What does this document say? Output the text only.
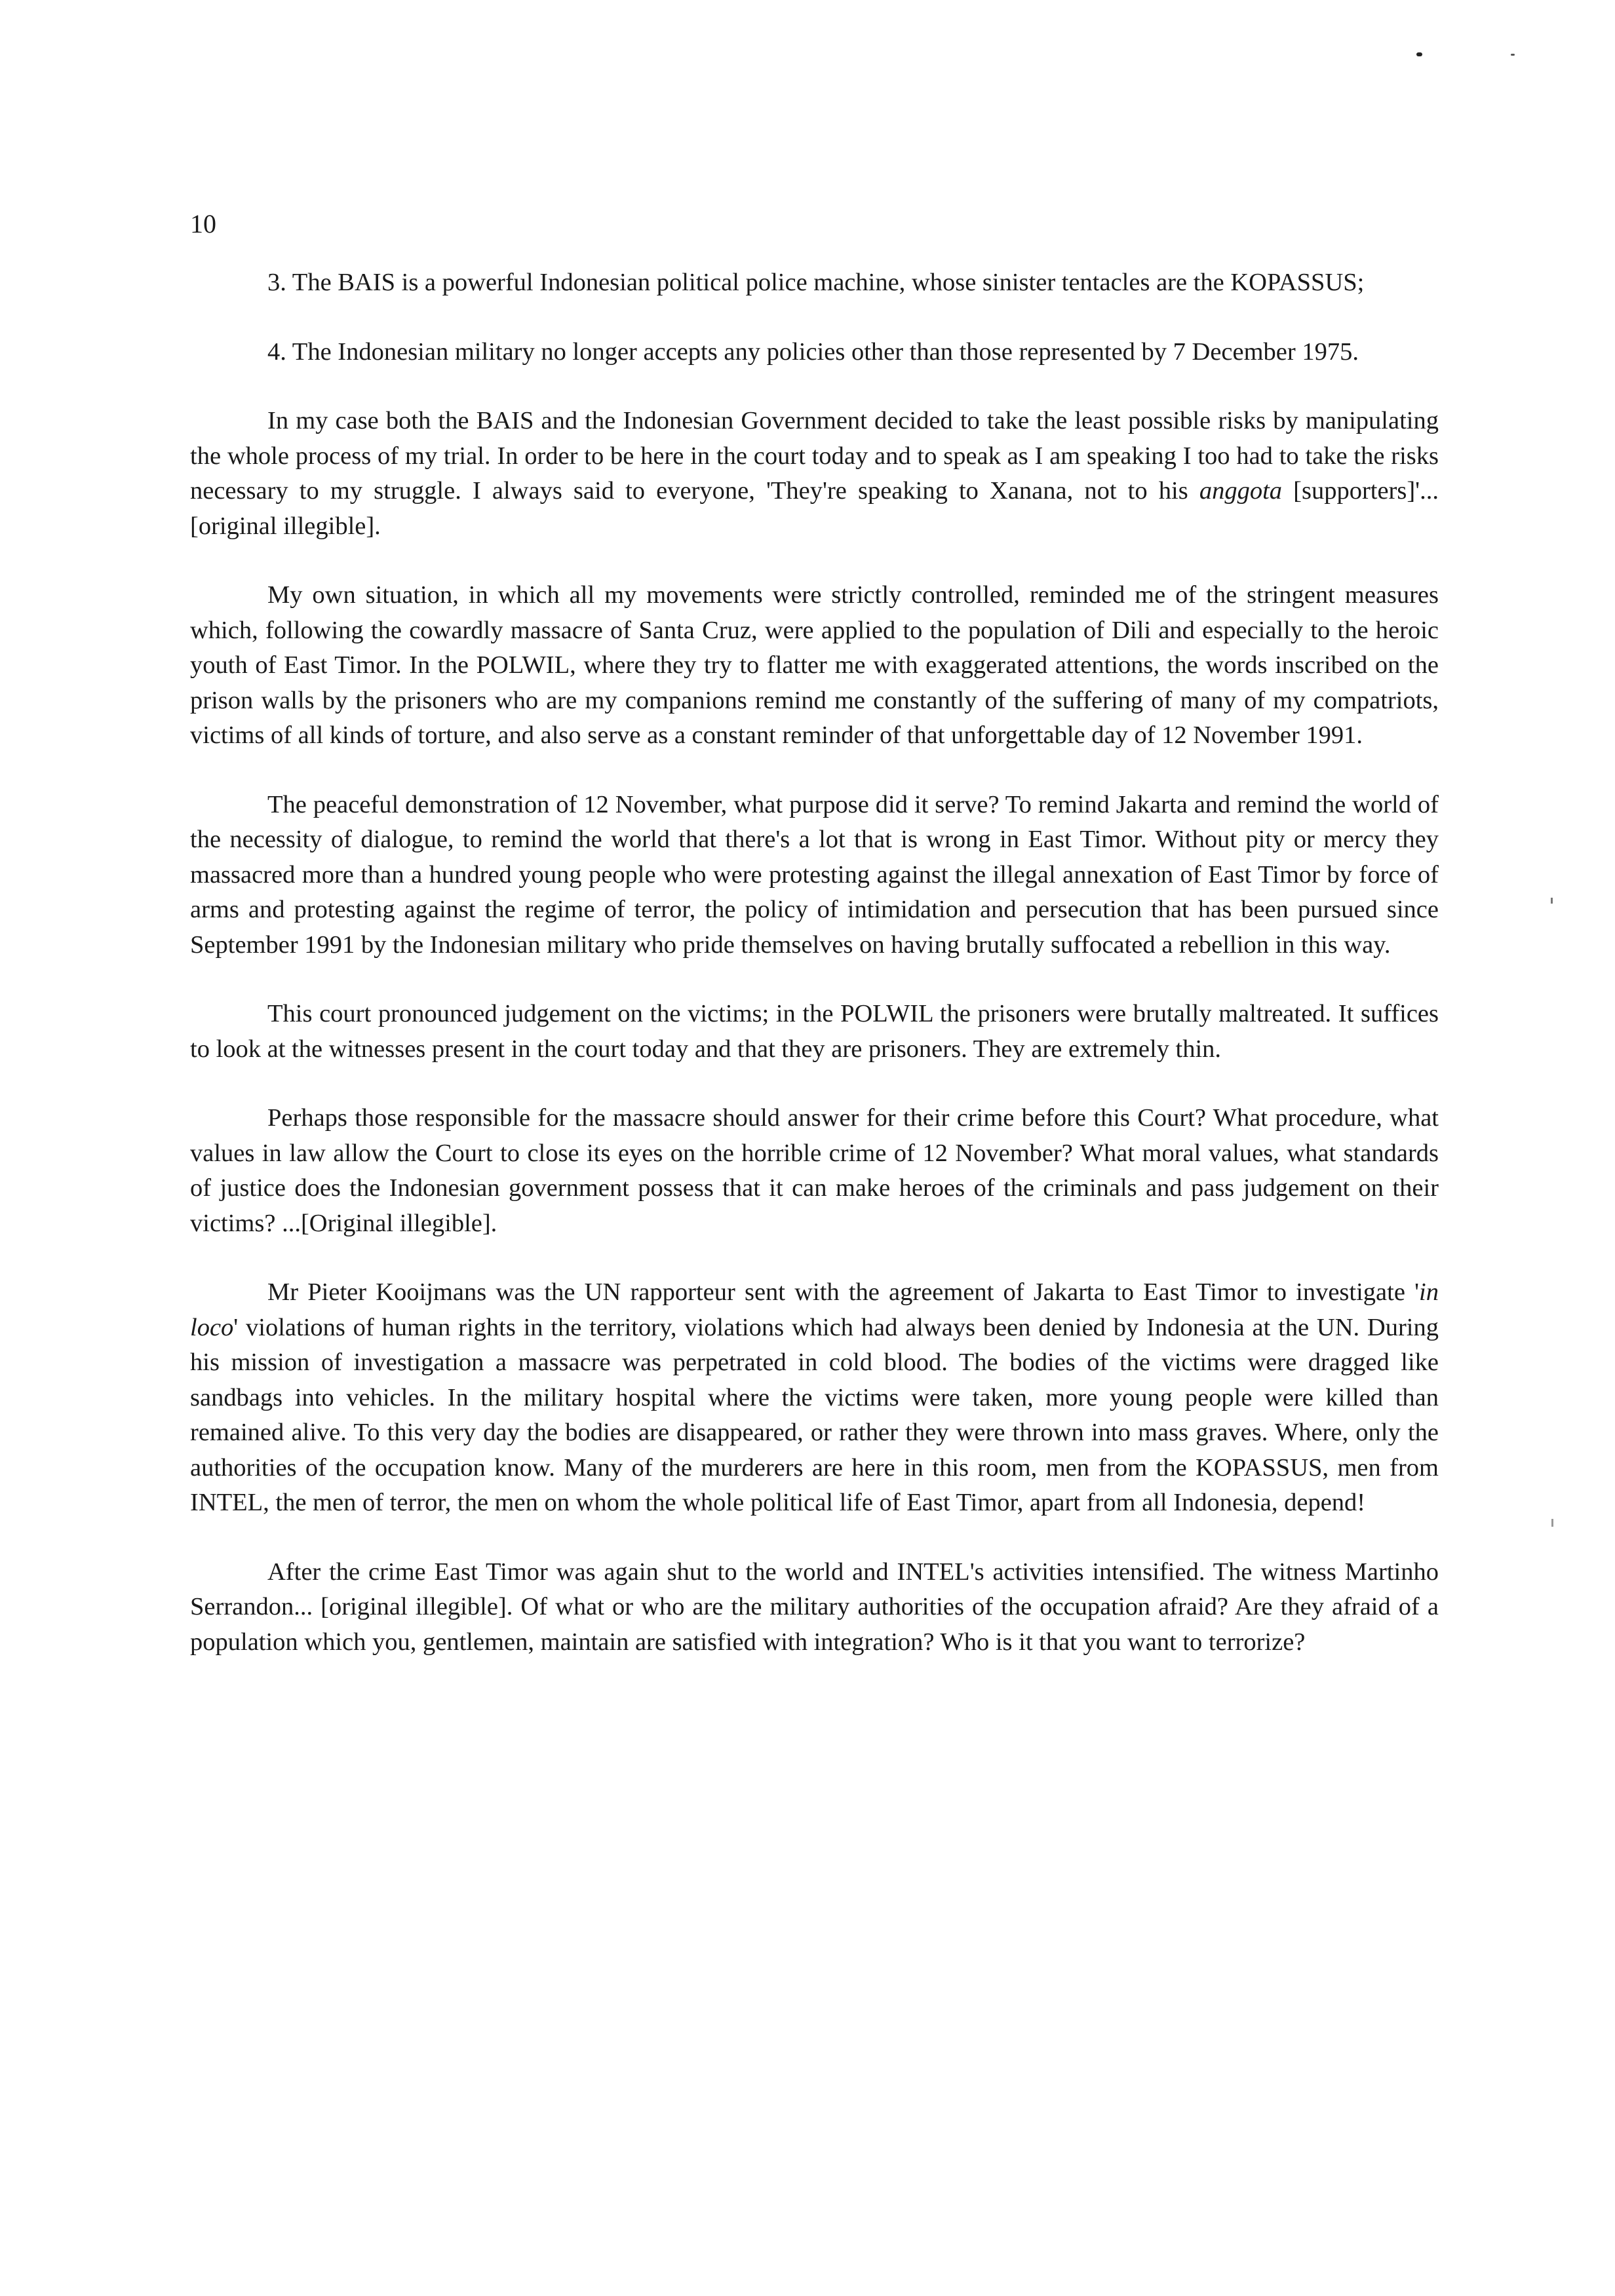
10

3. The BAIS is a powerful Indonesian political police machine, whose sinister tentacles are the KOPASSUS;

4. The Indonesian military no longer accepts any policies other than those represented by 7 December 1975.

In my case both the BAIS and the Indonesian Government decided to take the least possible risks by manipulating the whole process of my trial. In order to be here in the court today and to speak as I am speaking I too had to take the risks necessary to my struggle. I always said to everyone, 'They're speaking to Xanana, not to his anggota [supporters]'...[original illegible].

My own situation, in which all my movements were strictly controlled, reminded me of the stringent measures which, following the cowardly massacre of Santa Cruz, were applied to the population of Dili and especially to the heroic youth of East Timor. In the POLWIL, where they try to flatter me with exaggerated attentions, the words inscribed on the prison walls by the prisoners who are my companions remind me constantly of the suffering of many of my compatriots, victims of all kinds of torture, and also serve as a constant reminder of that unforgettable day of 12 November 1991.

The peaceful demonstration of 12 November, what purpose did it serve? To remind Jakarta and remind the world of the necessity of dialogue, to remind the world that there's a lot that is wrong in East Timor. Without pity or mercy they massacred more than a hundred young people who were protesting against the illegal annexation of East Timor by force of arms and protesting against the regime of terror, the policy of intimidation and persecution that has been pursued since September 1991 by the Indonesian military who pride themselves on having brutally suffocated a rebellion in this way.

This court pronounced judgement on the victims; in the POLWIL the prisoners were brutally maltreated. It suffices to look at the witnesses present in the court today and that they are prisoners. They are extremely thin.

Perhaps those responsible for the massacre should answer for their crime before this Court? What procedure, what values in law allow the Court to close its eyes on the horrible crime of 12 November? What moral values, what standards of justice does the Indonesian government possess that it can make heroes of the criminals and pass judgement on their victims? ...[Original illegible].

Mr Pieter Kooijmans was the UN rapporteur sent with the agreement of Jakarta to East Timor to investigate 'in loco' violations of human rights in the territory, violations which had always been denied by Indonesia at the UN. During his mission of investigation a massacre was perpetrated in cold blood. The bodies of the victims were dragged like sandbags into vehicles. In the military hospital where the victims were taken, more young people were killed than remained alive. To this very day the bodies are disappeared, or rather they were thrown into mass graves. Where, only the authorities of the occupation know. Many of the murderers are here in this room, men from the KOPASSUS, men from INTEL, the men of terror, the men on whom the whole political life of East Timor, apart from all Indonesia, depend!

After the crime East Timor was again shut to the world and INTEL's activities intensified. The witness Martinho Serrandon... [original illegible]. Of what or who are the military authorities of the occupation afraid? Are they afraid of a population which you, gentlemen, maintain are satisfied with integration? Who is it that you want to terrorize?
